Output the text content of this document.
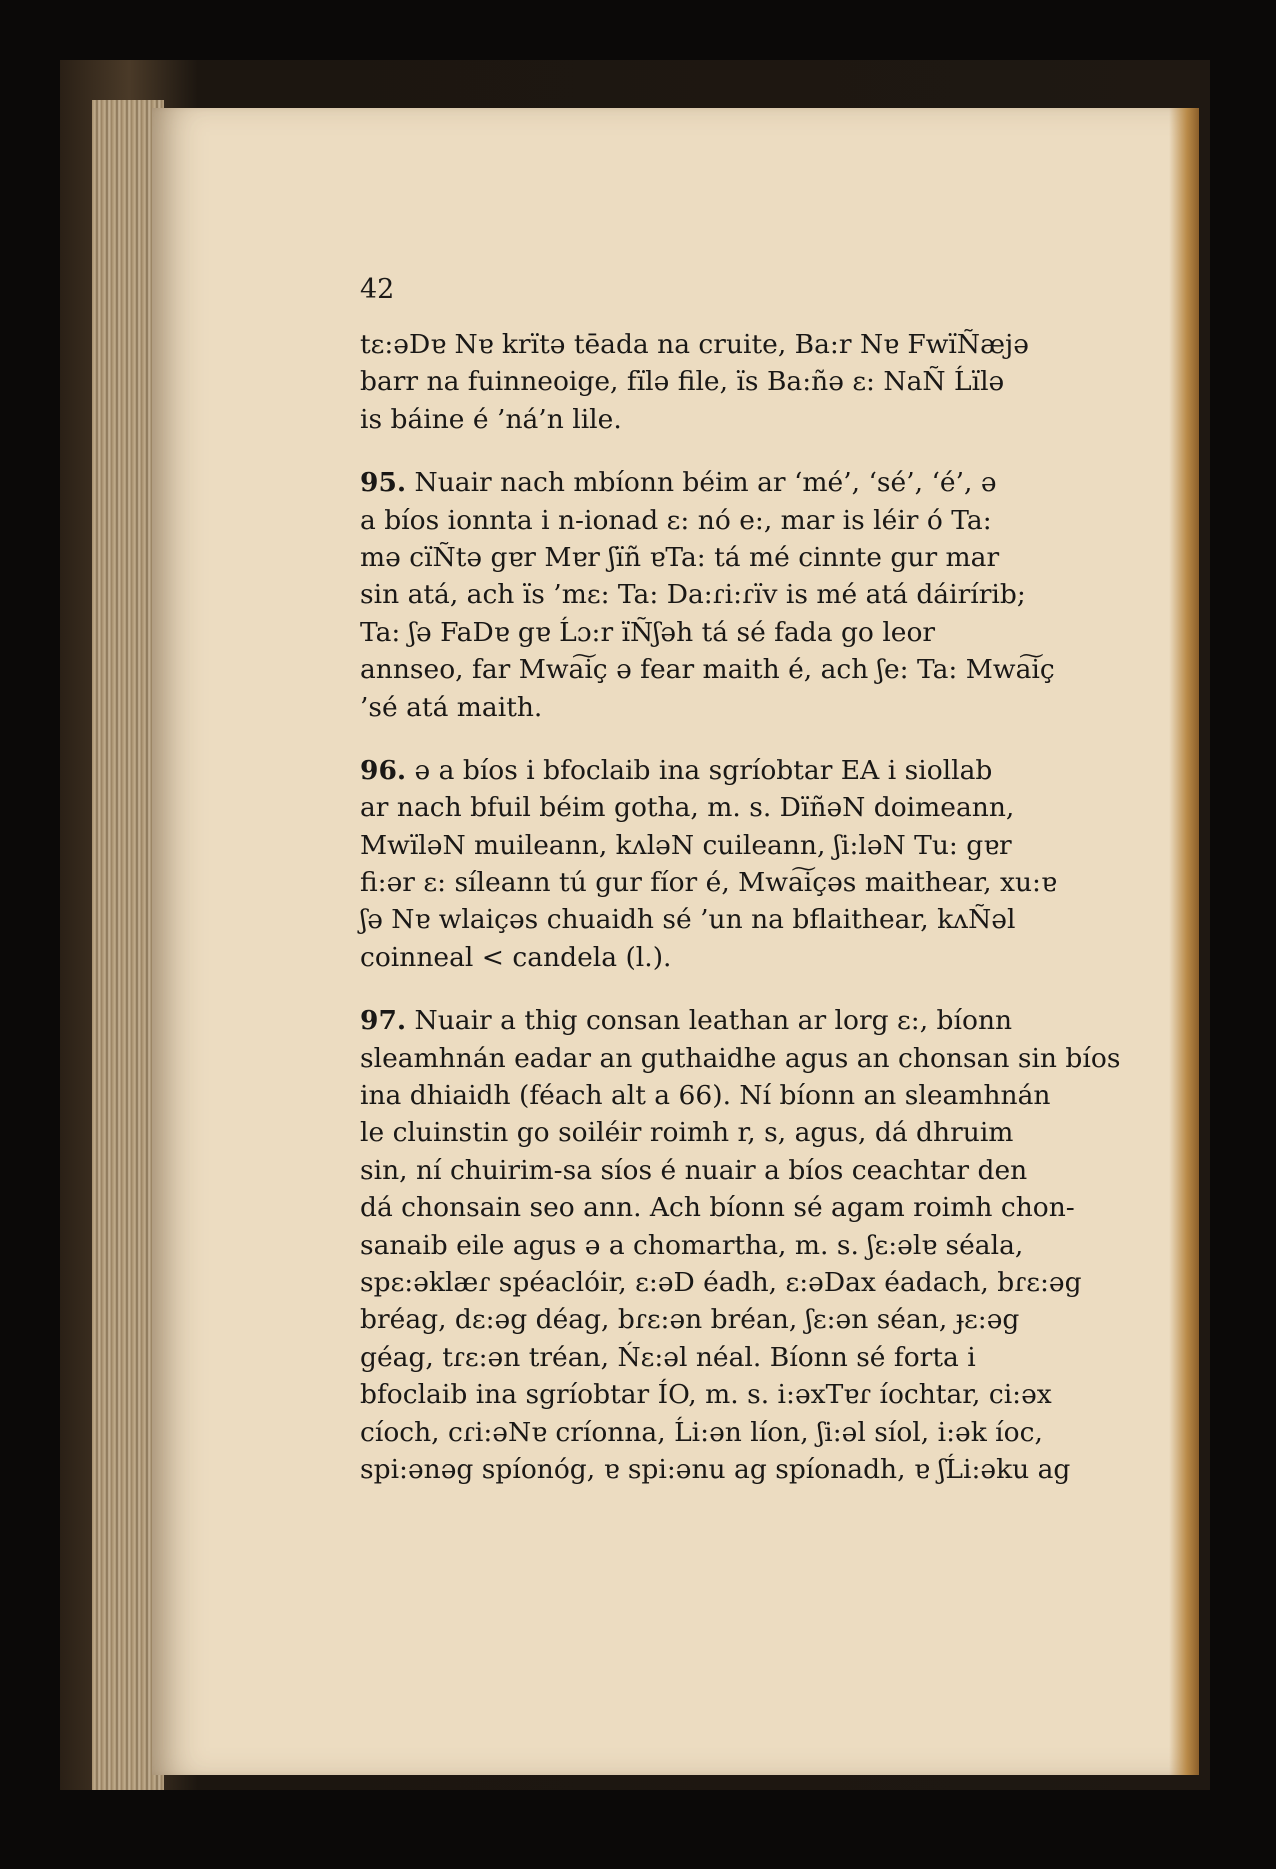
42
tɛ:əDɐ Nɐ krïtə tēada na cruite, Ba:r Nɐ FwïÑæjə
barr na fuinneoige, fïlə file, ïs Ba:ñə ɛ: NaÑ Ĺïlə
is báine é ’ná’n lile.
95. Nuair nach mbíonn béim ar ‘mé’, ‘sé’, ‘é’, ə
a bíos ionnta i n-ionad ɛ: nó e:, mar is léir ó Ta:
mə cïÑtə gɐr Mɐr ʃïñ ɐTa: tá mé cinnte gur mar
sin atá, ach ïs ’mɛ: Ta: Da:ɾi:ɾïv is mé atá dáirírib;
Ta: ʃə FaDɐ gɐ Ĺɔ:r ïÑʃəh tá sé fada go leor
annseo, far Mwa͠iç ə fear maith é, ach ʃe: Ta: Mwa͠iç
’sé atá maith.
96. ə a bíos i bfoclaib ina sgríobtar EA i siollab
ar nach bfuil béim gotha, m. s. DïñəN doimeann,
MwïləN muileann, kʌləN cuileann, ʃi:ləN Tu: gɐr
fi:ər ɛ: síleann tú gur fíor é, Mwa͠içəs maithear, xu:ɐ
ʃə Nɐ wlaiçəs chuaidh sé ’un na bflaithear, kʌÑəl
coinneal < candela (l.).
97. Nuair a thig consan leathan ar lorg ɛ:, bíonn
sleamhnán eadar an guthaidhe agus an chonsan sin bíos
ina dhiaidh (féach alt a 66). Ní bíonn an sleamhnán
le cluinstin go soiléir roimh r, s, agus, dá dhruim
sin, ní chuirim-sa síos é nuair a bíos ceachtar den
dá chonsain seo ann. Ach bíonn sé agam roimh chon-
sanaib eile agus ə a chomartha, m. s. ʃɛ:əlɐ séala,
spɛ:əklæɾ spéaclóir, ɛ:əD éadh, ɛ:əDax éadach, bɾɛ:əg
bréag, dɛ:əg déag, bɾɛ:ən bréan, ʃɛ:ən séan, ɟɛ:əg
géag, tɾɛ:ən tréan, Ńɛ:əl néal. Bíonn sé forta i
bfoclaib ina sgríobtar ÍO, m. s. i:əxTɐɾ íochtar, ci:əx
cíoch, cɾi:əNɐ críonna, Ĺi:ən líon, ʃi:əl síol, i:ək íoc,
spi:ənəg spíonóg, ɐ spi:ənu ag spíonadh, ɐ ʃĹi:əku ag
